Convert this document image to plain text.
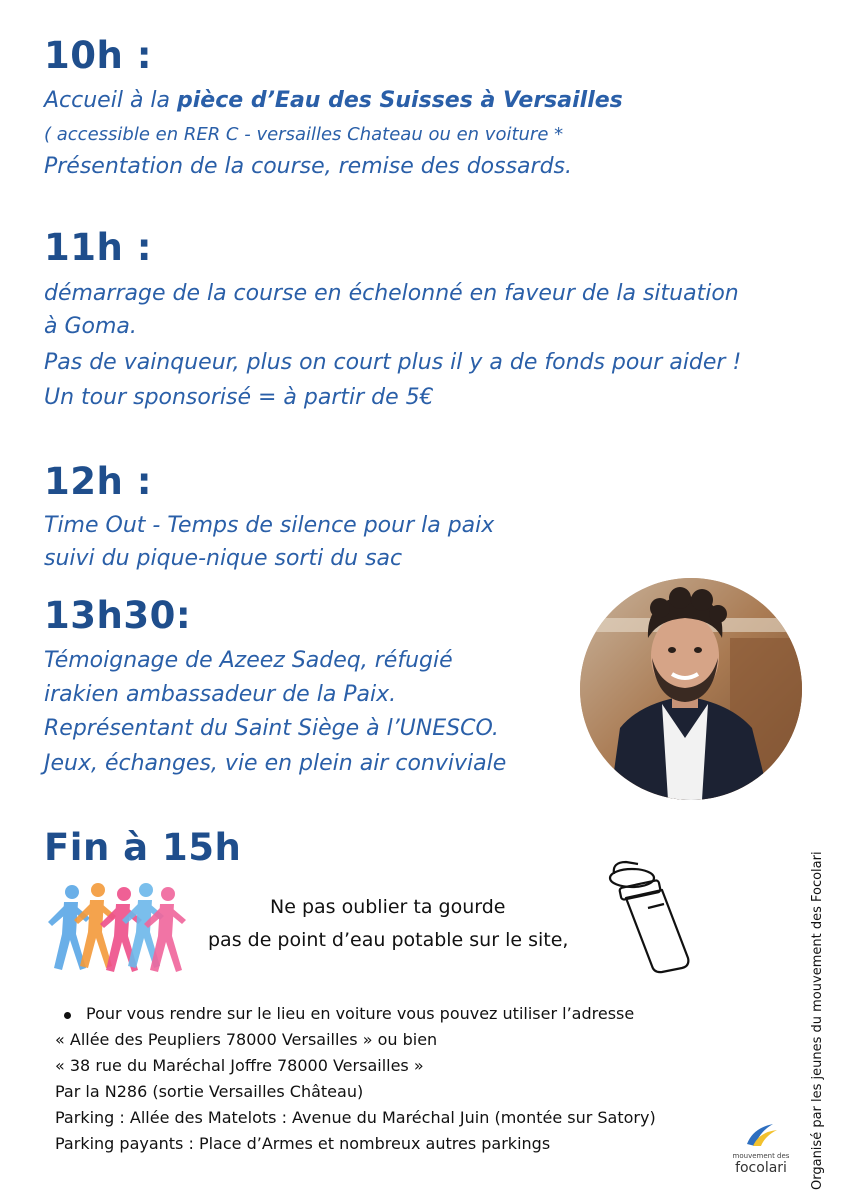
10h :
Accueil à la pièce d’Eau des Suisses à Versailles
( accessible en RER C - versailles Chateau ou en voiture *
Présentation de la course, remise des dossards.
11h :
démarrage de la course en échelonné en faveur de la situation
à Goma.
Pas de vainqueur, plus on court plus il y a de fonds pour aider !
Un tour sponsorisé = à partir de 5€
12h :
Time Out - Temps de silence pour la paix
suivi du pique-nique sorti du sac
13h30:
Témoignage de Azeez Sadeq, réfugié
irakien ambassadeur de la Paix.
Représentant du Saint Siège à l’UNESCO.
Jeux, échanges, vie en plein air conviviale
Fin à 15h
Ne pas oublier ta gourde
pas de point d’eau potable sur le site,
Pour vous rendre sur le lieu en voiture vous pouvez utiliser l’adresse
« Allée des Peupliers 78000 Versailles » ou bien
« 38 rue du Maréchal Joffre 78000 Versailles »
Par la N286 (sortie Versailles Château)
Parking : Allée des Matelots : Avenue du Maréchal Juin (montée sur Satory)
Parking payants : Place d’Armes et nombreux autres parkings
mouvement des
focolari	Organisé par les jeunes du mouvement des Focolari
